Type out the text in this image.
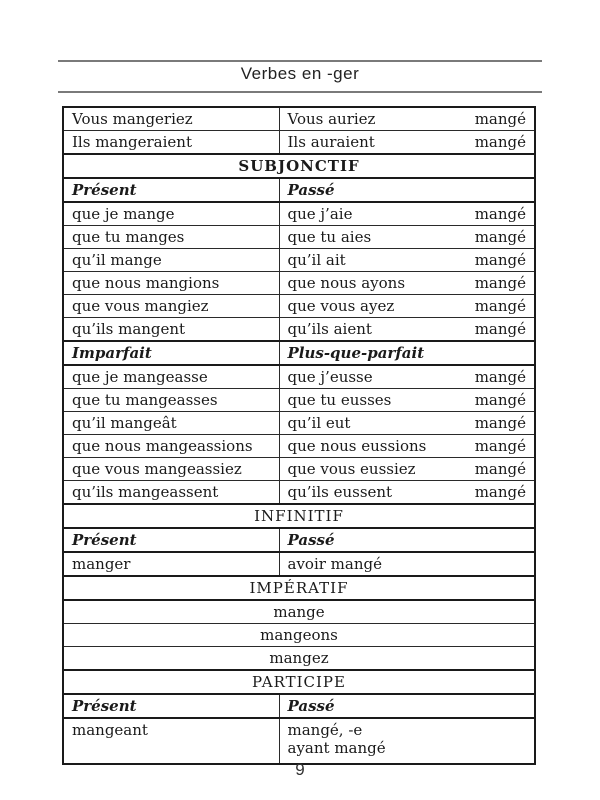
Verbes en -ger
Vous mangeriez	Vous auriez mangé

Ils mangeraient	Ils auraient mangé

SUBJONCTIF	
Présent	Passé
que je mange	que j’aie mangé

que tu manges	que tu aies mangé

qu’il mange	qu’il ait mangé

que nous mangions	que nous ayons mangé

que vous mangiez	que vous ayez mangé

qu’ils mangent	qu’ils aient mangé

Imparfait	Plus-que-parfait
que je mangeasse	que j’eusse mangé

que tu mangeasses	que tu eusses mangé

qu’il mangeât	qu’il eut mangé

que nous mangeassions	que nous eussions mangé

que vous mangeassiez	que vous eussiez mangé

qu’ils mangeassent	qu’ils eussent mangé

INFINITIF	
Présent	Passé
manger	avoir mangé
IMPÉRATIF	
mange	
mangeons	
mangez	
PARTICIPE	
Présent	Passé
mangeant	mangé, -e
ayant mangé
9
